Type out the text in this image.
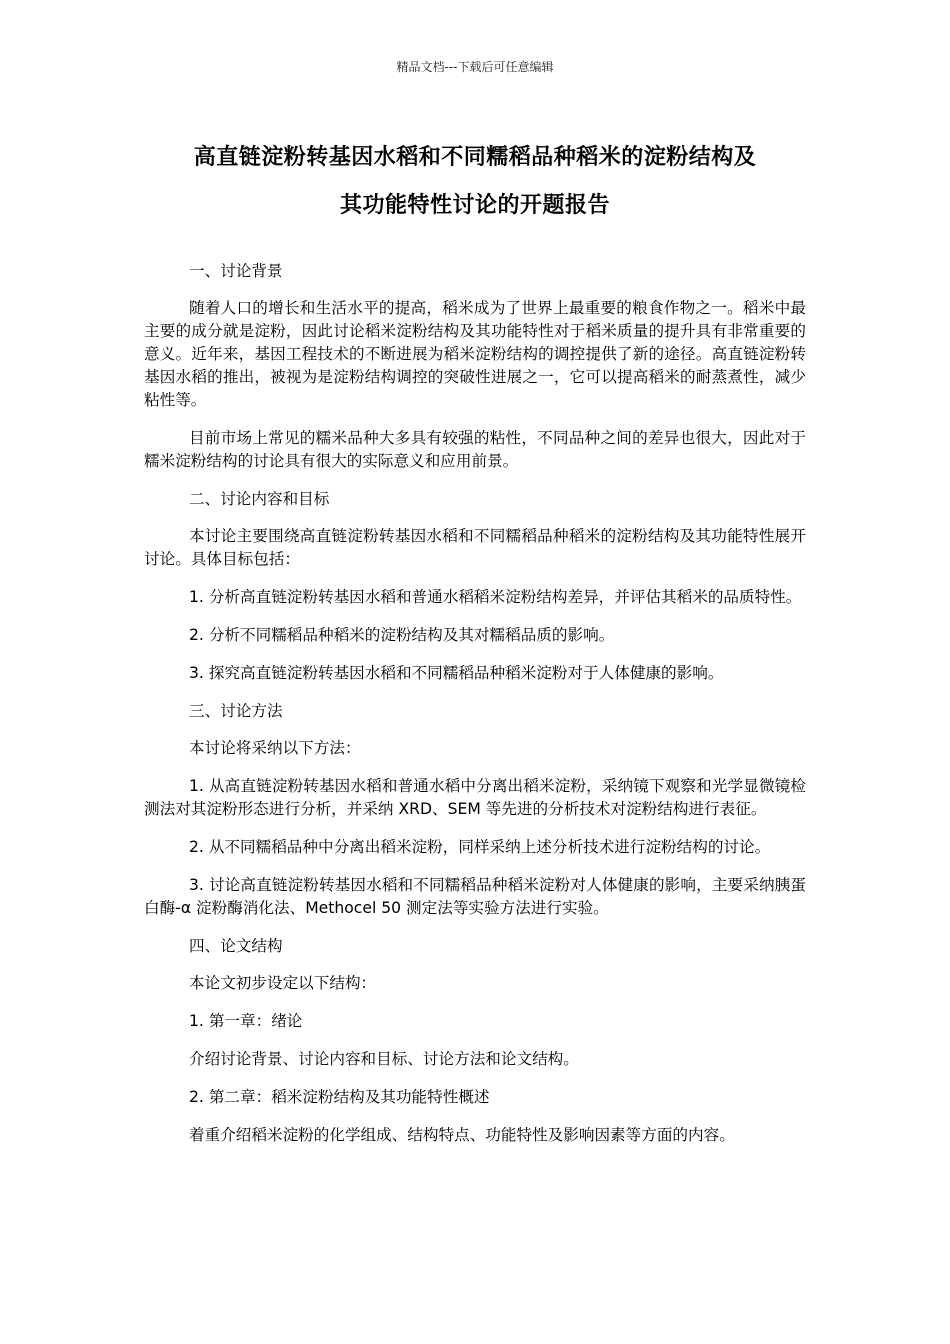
精品文档---下载后可任意编辑
高直链淀粉转基因水稻和不同糯稻品种稻米的淀粉结构及
其功能特性讨论的开题报告

一、讨论背景

随着人口的增长和生活水平的提高，稻米成为了世界上最重要的粮食作物之一。稻米中最主要的成分就是淀粉，因此讨论稻米淀粉结构及其功能特性对于稻米质量的提升具有非常重要的意义。近年来，基因工程技术的不断进展为稻米淀粉结构的调控提供了新的途径。高直链淀粉转基因水稻的推出，被视为是淀粉结构调控的突破性进展之一，它可以提高稻米的耐蒸煮性，减少粘性等。

目前市场上常见的糯米品种大多具有较强的粘性，不同品种之间的差异也很大，因此对于糯米淀粉结构的讨论具有很大的实际意义和应用前景。

二、讨论内容和目标

本讨论主要围绕高直链淀粉转基因水稻和不同糯稻品种稻米的淀粉结构及其功能特性展开讨论。具体目标包括：

1. 分析高直链淀粉转基因水稻和普通水稻稻米淀粉结构差异，并评估其稻米的品质特性。

2. 分析不同糯稻品种稻米的淀粉结构及其对糯稻品质的影响。

3. 探究高直链淀粉转基因水稻和不同糯稻品种稻米淀粉对于人体健康的影响。

三、讨论方法

本讨论将采纳以下方法：

1. 从高直链淀粉转基因水稻和普通水稻中分离出稻米淀粉，采纳镜下观察和光学显微镜检测法对其淀粉形态进行分析，并采纳 XRD、SEM 等先进的分析技术对淀粉结构进行表征。

2. 从不同糯稻品种中分离出稻米淀粉，同样采纳上述分析技术进行淀粉结构的讨论。

3. 讨论高直链淀粉转基因水稻和不同糯稻品种稻米淀粉对人体健康的影响，主要采纳胰蛋白酶-α 淀粉酶消化法、Methocel 50 测定法等实验方法进行实验。

四、论文结构

本论文初步设定以下结构：

1. 第一章：绪论

介绍讨论背景、讨论内容和目标、讨论方法和论文结构。

2. 第二章：稻米淀粉结构及其功能特性概述

着重介绍稻米淀粉的化学组成、结构特点、功能特性及影响因素等方面的内容。
